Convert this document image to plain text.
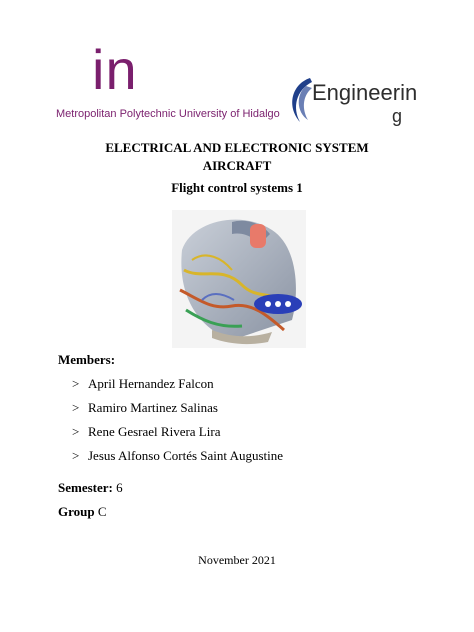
in
Metropolitan Polytechnic University of Hidalgo
Engineerin
g
ELECTRICAL AND ELECTRONIC SYSTEM
AIRCRAFT
Flight control systems 1
Members:
> April Hernandez Falcon
> Ramiro Martinez Salinas
> Rene Gesrael Rivera Lira
> Jesus Alfonso Cortés Saint Augustine
Semester: 6
Group C
November 2021
